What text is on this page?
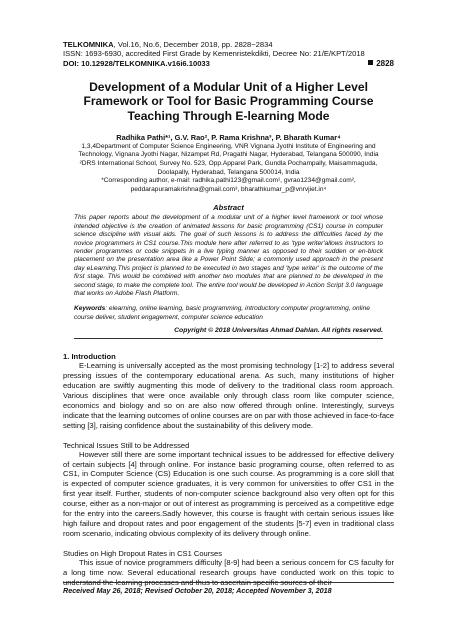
TELKOMNIKA, Vol.16, No.6, December 2018, pp. 2828~2834
ISSN: 1693-6930, accredited First Grade by Kemenristekdikti, Decree No: 21/E/KPT/2018
DOI: 10.12928/TELKOMNIKA.v16i6.10033	2828
Development of a Modular Unit of a Higher Level
Framework or Tool for Basic Programming Course
Teaching Through E-learning Mode
Radhika Pathi*¹, G.V. Rao², P. Rama Krishna³, P. Bharath Kumar⁴
1,3,4Department of Computer Science Engineering, VNR Vignana Jyothi Institute of Engineering and
Technology, Vignana Jyothi Nagar, Nizampet Rd, Pragathi Nagar, Hyderabad, Telangana 500090, India
²DRS International School, Survey No. 523, Opp.Apparel Park, Gundla Pochampally, Maisammaguda,
Doolapally, Hyderabad, Telangana 500014, India
*Corresponding author, e-mail: radhika.pathi123@gmail.com¹, gvrao1234@gmail.com²,
peddarapuramakrishna@gmail.com³, bharathkumar_p@vnrvjiet.in⁴
Abstract
This paper reports about the development of a modular unit of a higher level framework or tool whose intended objective is the creation of animated lessons for basic programming (CS1) course in computer science discipline with visual aids. The goal of such lessons is to address the difficulties faced by the novice programmers in CS1 course.This module here after referred to as 'type writer'allows instructors to render programmes or code snippets in a live typing manner as opposed to their sudden or en-block placement on the presentation area like a Power Point Slide; a commonly used approach in the present day eLearning.This project is planned to be executed in two stages and 'type writer' is the outcome of the first stage. This would be combined with another two modules that are planned to be developed in the second stage, to make the complete tool. The entire tool would be developed in Action Script 3.0 language that works on Adobe Flash Platform.
Keywords: elearning, online learning, basic programming, introductory computer programming, online course deliver, student engagement, computer science education
Copyright © 2018 Universitas Ahmad Dahlan. All rights reserved.
1. Introduction
E-Learning is universally accepted as the most promising technology [1-2] to address several pressing issues of the contemporary educational arena. As such, many institutions of higher education are swiftly augmenting this mode of delivery to the traditional class room approach. Various disciplines that were once available only through class room like computer science, economics and biology and so on are also now offered through online. Interestingly, surveys indicate that the learning outcomes of online courses are on par with those achieved in face-to-face setting [3], raising confidence about the sustainability of this delivery mode.
Technical Issues Still to be Addressed
However still there are some important technical issues to be addressed for effective delivery of certain subjects [4] through online. For instance basic programing course, often referred to as CS1, in Computer Science (CS) Education is one such course. As programming is a core skill that is expected of computer science graduates, it is very common for universities to offer CS1 in the first year itself. Further, students of non-computer science background also very often opt for this course, either as a non-major or out of interest as programming is perceived as a competitive edge for the entry into the careers.Sadly however, this course is fraught with certain serious issues like high failure and dropout rates and poor engagement of the students [5-7] even in traditional class room scenario, indicating obvious complexity of its delivery through online.
Studies on High Dropout Rates in CS1 Courses
This issue of novice programmers difficulty [8-9] had been a serious concern for CS faculty for a long time now. Several educational research groups have conducted work on this topic to understand the learning processes and thus to ascertain specific sources of their
Received May 26, 2018; Revised October 20, 2018; Accepted November 3, 2018
